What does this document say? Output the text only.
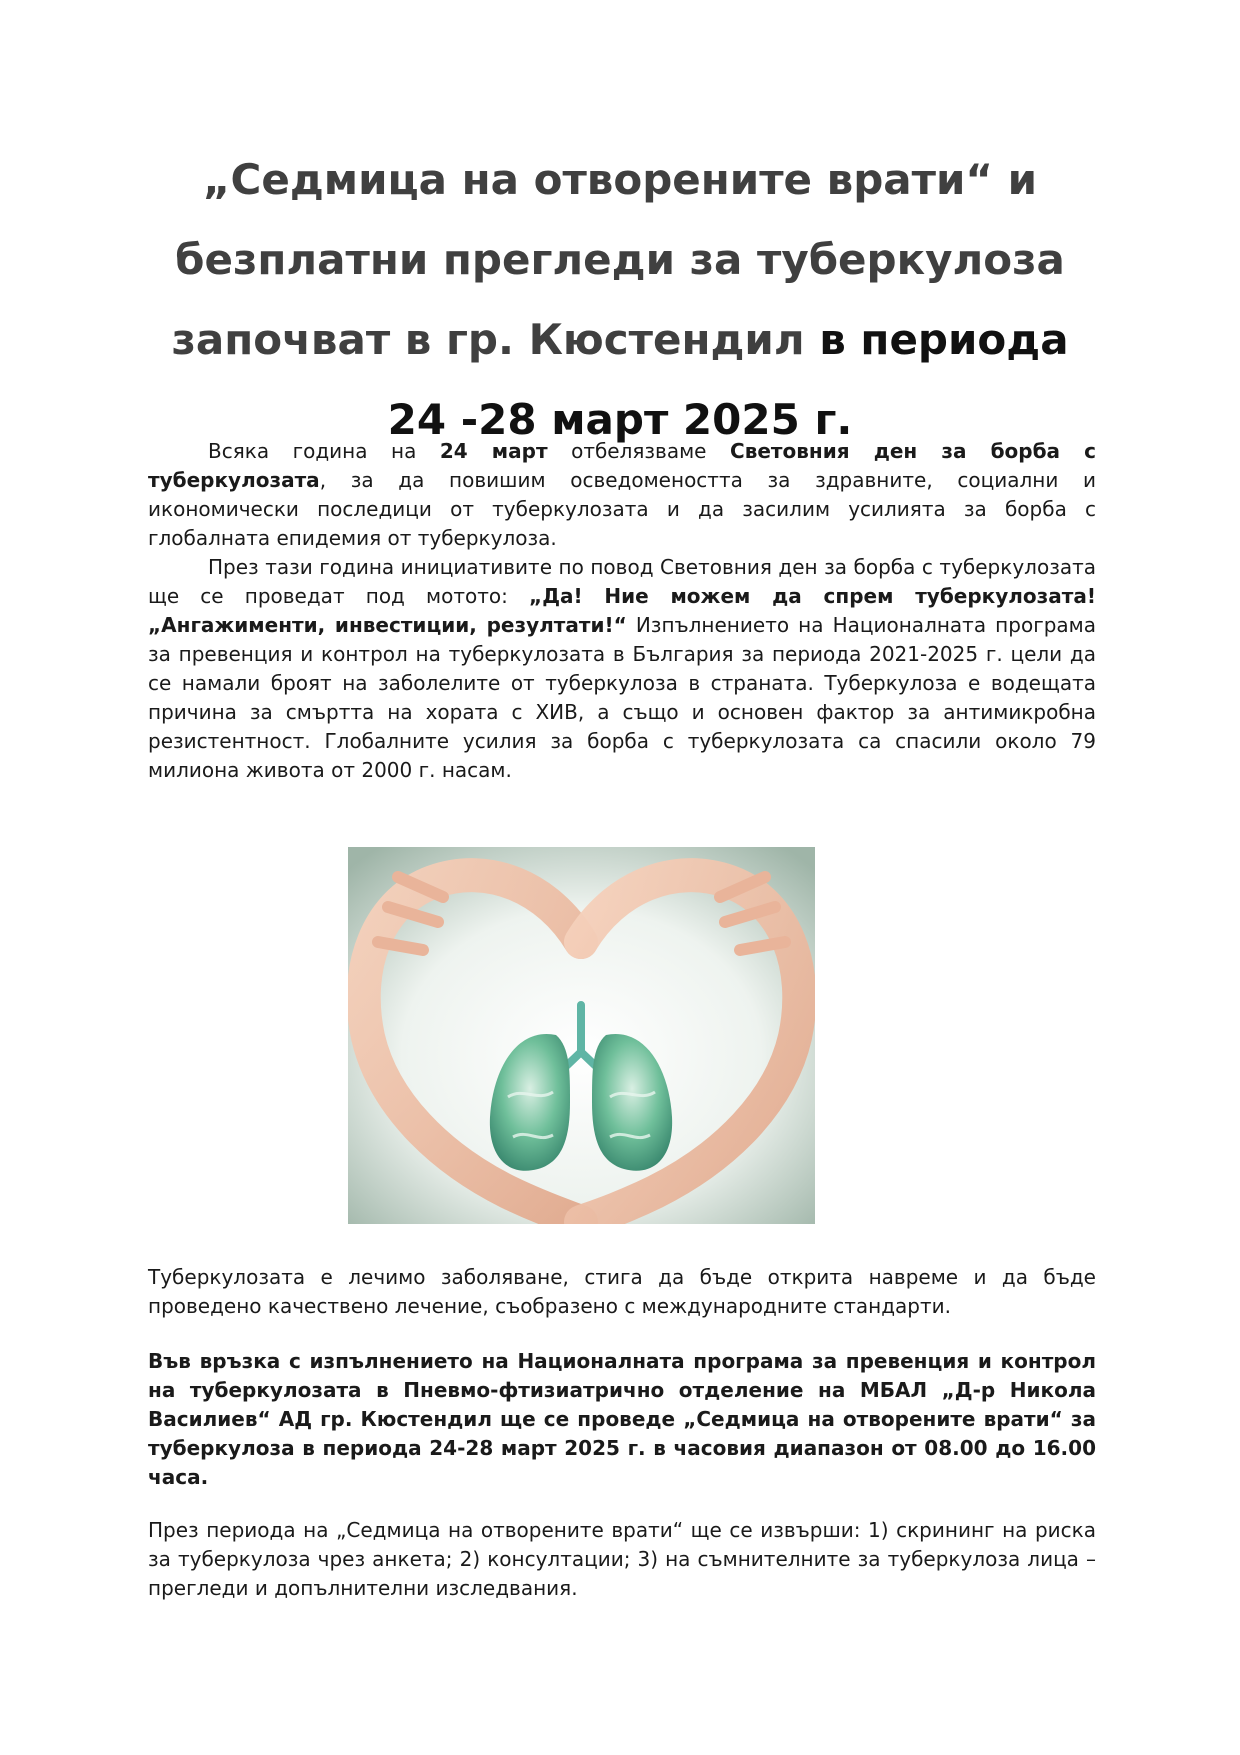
„Седмица на отворените врати“ и
безплатни прегледи за туберкулоза
започват в гр. Кюстендил в периода
24 -28 март 2025 г.

Всяка година на 24 март отбелязваме Световния ден за борба с туберкулозата, за да повишим осведомеността за здравните, социални и икономически последици от туберкулозата и да засилим усилията за борба с глобалната епидемия от туберкулоза.

През тази година инициативите по повод Световния ден за борба с туберкулозата ще се проведат под мотото: „Да! Ние можем да спрем туберкулозата! „Ангажименти, инвестиции, резултати!“ Изпълнението на Националната програма за превенция и контрол на туберкулозата в България за периода 2021-2025 г. цели да се намали броят на заболелите от туберкулоза в страната. Туберкулоза е водещата причина за смъртта на хората с ХИВ, а също и основен фактор за антимикробна резистентност. Глобалните усилия за борба с туберкулозата са спасили около 79 милиона живота от 2000 г. насам.

Туберкулозата е лечимо заболяване, стига да бъде открита навреме и да бъде проведено качествено лечение, съобразено с международните стандарти.

Във връзка с изпълнението на Националната програма за превенция и контрол на туберкулозата в Пневмо-фтизиатрично отделение на МБАЛ „Д-р Никола Василиев“ АД гр. Кюстендил ще се проведе „Седмица на отворените врати“ за туберкулоза в периода 24-28 март 2025 г. в часовия диапазон от 08.00 до 16.00 часа.

През периода на „Седмица на отворените врати“ ще се извърши: 1) скрининг на риска за туберкулоза чрез анкета; 2) консултации; 3) на съмнителните за туберкулоза лица – прегледи и допълнителни изследвания.
